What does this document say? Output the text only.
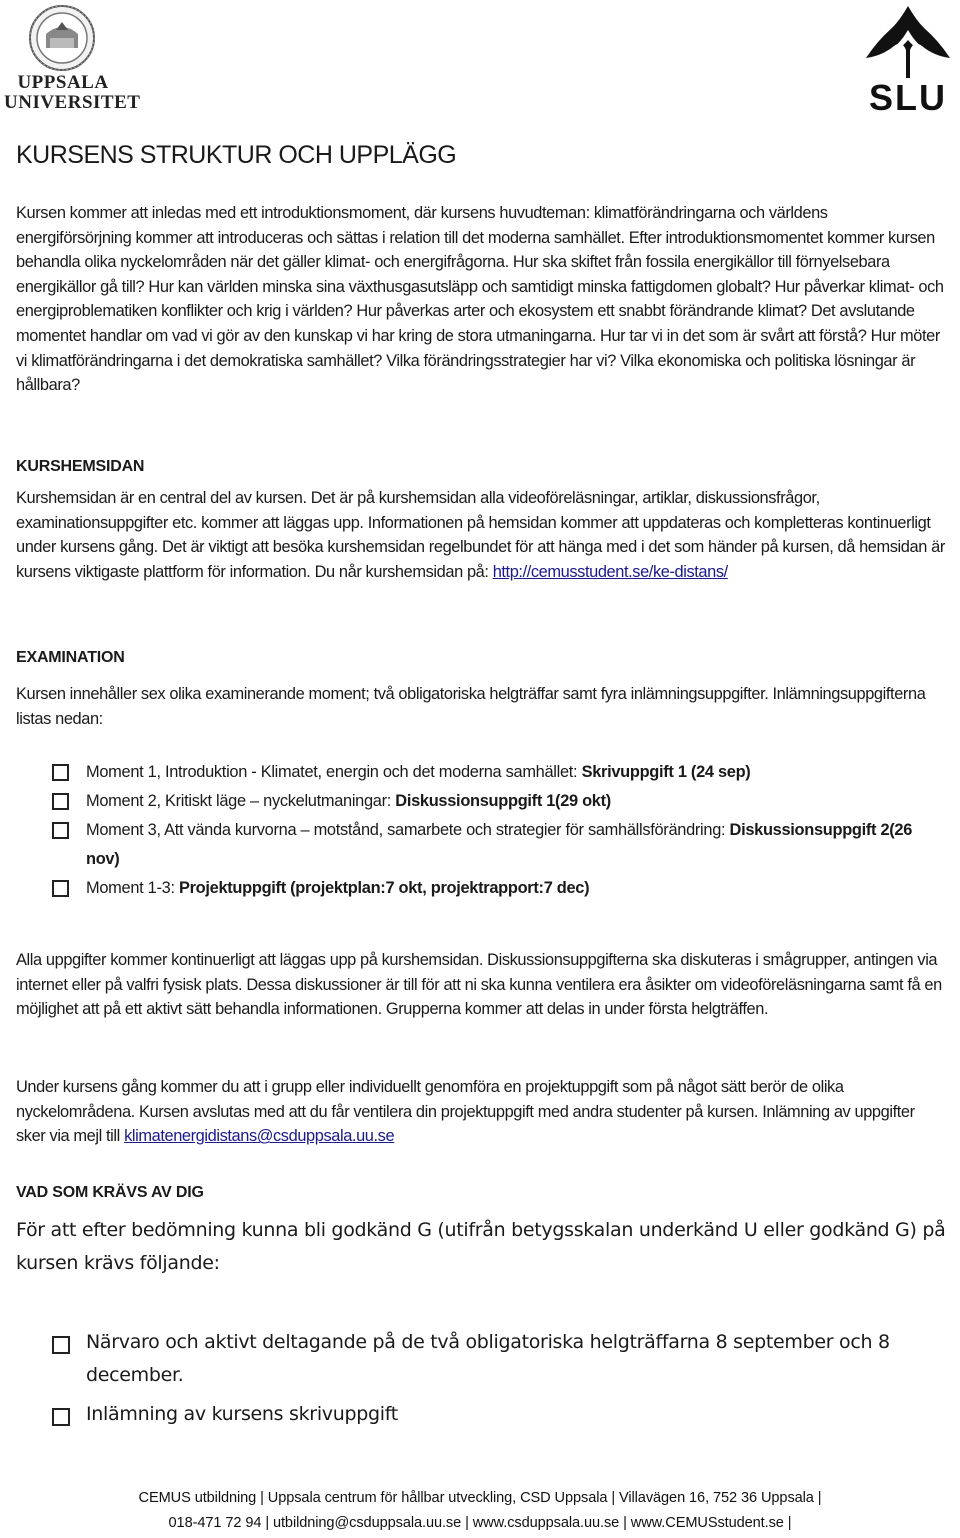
UPPSALA
UNIVERSITET	SLU
KURSENS STRUKTUR OCH UPPLÄGG

Kursen kommer att inledas med ett introduktionsmoment, där kursens huvudteman: klimatförändringarna och världens energiförsörjning kommer att introduceras och sättas i relation till det moderna samhället. Efter introduktionsmomentet kommer kursen behandla olika nyckelområden när det gäller klimat- och energifrågorna. Hur ska skiftet från fossila energikällor till förnyelsebara energikällor gå till? Hur kan världen minska sina växthusgasutsläpp och samtidigt minska fattigdomen globalt? Hur påverkar klimat- och energiproblematiken konflikter och krig i världen? Hur påverkas arter och ekosystem ett snabbt förändrande klimat? Det avslutande momentet handlar om vad vi gör av den kunskap vi har kring de stora utmaningarna. Hur tar vi in det som är svårt att förstå? Hur möter vi klimatförändringarna i det demokratiska samhället? Vilka förändringsstrategier har vi? Vilka ekonomiska och politiska lösningar är hållbara?

KURSHEMSIDAN

Kurshemsidan är en central del av kursen. Det är på kurshemsidan alla videoföreläsningar, artiklar, diskussionsfrågor, examinationsuppgifter etc. kommer att läggas upp. Informationen på hemsidan kommer att uppdateras och kompletteras kontinuerligt under kursens gång. Det är viktigt att besöka kurshemsidan regelbundet för att hänga med i det som händer på kursen, då hemsidan är kursens viktigaste plattform för information. Du når kurshemsidan på: http://cemusstudent.se/ke-distans/

EXAMINATION

Kursen innehåller sex olika examinerande moment; två obligatoriska helgträffar samt fyra inlämningsuppgifter. Inlämningsuppgifterna listas nedan:

Moment 1, Introduktion - Klimatet, energin och det moderna samhället: Skrivuppgift 1 (24 sep)
Moment 2, Kritiskt läge – nyckelutmaningar: Diskussionsuppgift 1(29 okt)
Moment 3, Att vända kurvorna – motstånd, samarbete och strategier för samhällsförändring: Diskussionsuppgift 2(26 nov)
Moment 1-3: Projektuppgift (projektplan:7 okt, projektrapport:7 dec)

Alla uppgifter kommer kontinuerligt att läggas upp på kurshemsidan. Diskussionsuppgifterna ska diskuteras i smågrupper, antingen via internet eller på valfri fysisk plats. Dessa diskussioner är till för att ni ska kunna ventilera era åsikter om videoföreläsningarna samt få en möjlighet att på ett aktivt sätt behandla informationen. Grupperna kommer att delas in under första helgträffen.

Under kursens gång kommer du att i grupp eller individuellt genomföra en projektuppgift som på något sätt berör de olika nyckelområdena. Kursen avslutas med att du får ventilera din projektuppgift med andra studenter på kursen. Inlämning av uppgifter sker via mejl till klimatenergidistans@csduppsala.uu.se

VAD SOM KRÄVS AV DIG

För att efter bedömning kunna bli godkänd G (utifrån betygsskalan underkänd U eller godkänd G) på kursen krävs följande:

Närvaro och aktivt deltagande på de två obligatoriska helgträffarna 8 september och 8 december.
Inlämning av kursens skrivuppgift
CEMUS utbildning | Uppsala centrum för hållbar utveckling, CSD Uppsala | Villavägen 16, 752 36 Uppsala |
018-471 72 94 | utbildning@csduppsala.uu.se | www.csduppsala.uu.se | www.CEMUSstudent.se |
